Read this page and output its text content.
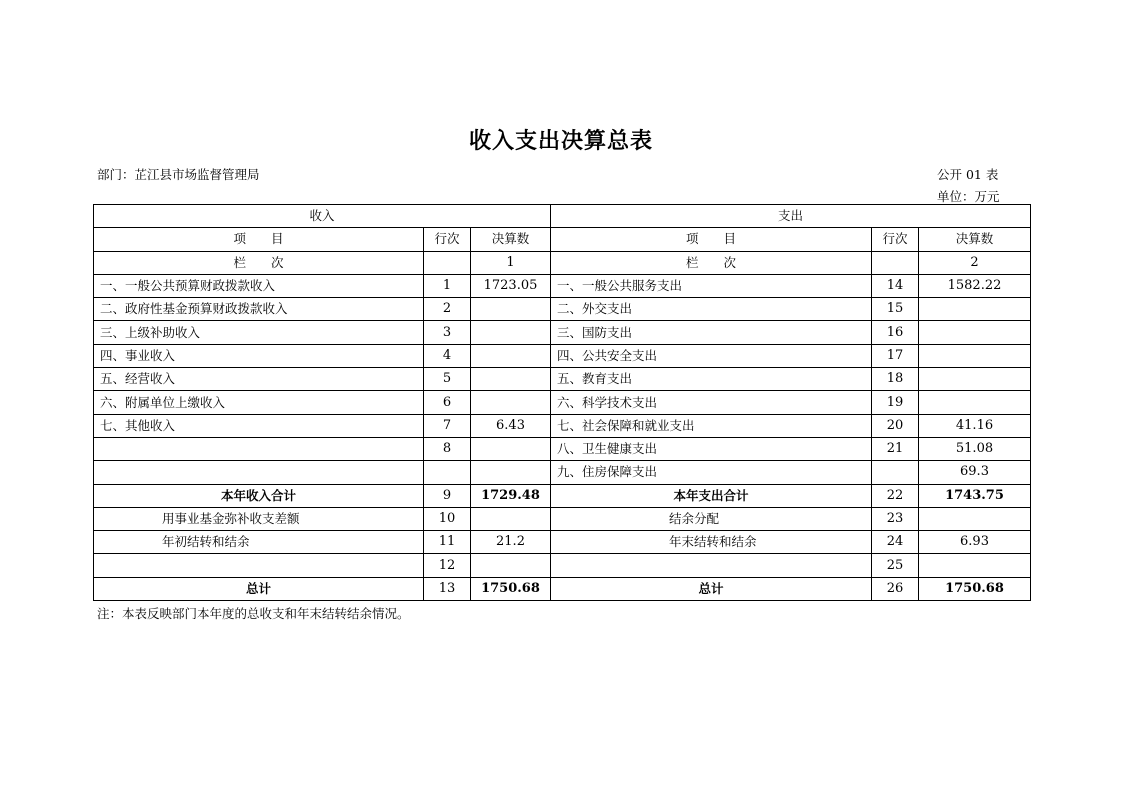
收入支出决算总表
部门：芷江县市场监督管理局	公开 01 表
单位：万元
收入			支出		
项　　目	行次	决算数	项　　目	行次	决算数
栏　　次		1	栏　　次		2
一、一般公共预算财政拨款收入	1	1723.05	一、一般公共服务支出	14	1582.22
二、政府性基金预算财政拨款收入	2		二、外交支出	15	
三、上级补助收入	3		三、国防支出	16	
四、事业收入	4		四、公共安全支出	17	
五、经营收入	5		五、教育支出	18	
六、附属单位上缴收入	6		六、科学技术支出	19	
七、其他收入	7	6.43	七、社会保障和就业支出	20	41.16
	8		八、卫生健康支出	21	51.08
			九、住房保障支出		69.3
本年收入合计	9	1729.48	本年支出合计	22	1743.75
用事业基金弥补收支差额	10		结余分配	23	
年初结转和结余	11	21.2	年末结转和结余	24	6.93
	12			25	
总计	13	1750.68	总计	26	1750.68
注：本表反映部门本年度的总收支和年末结转结余情况。
